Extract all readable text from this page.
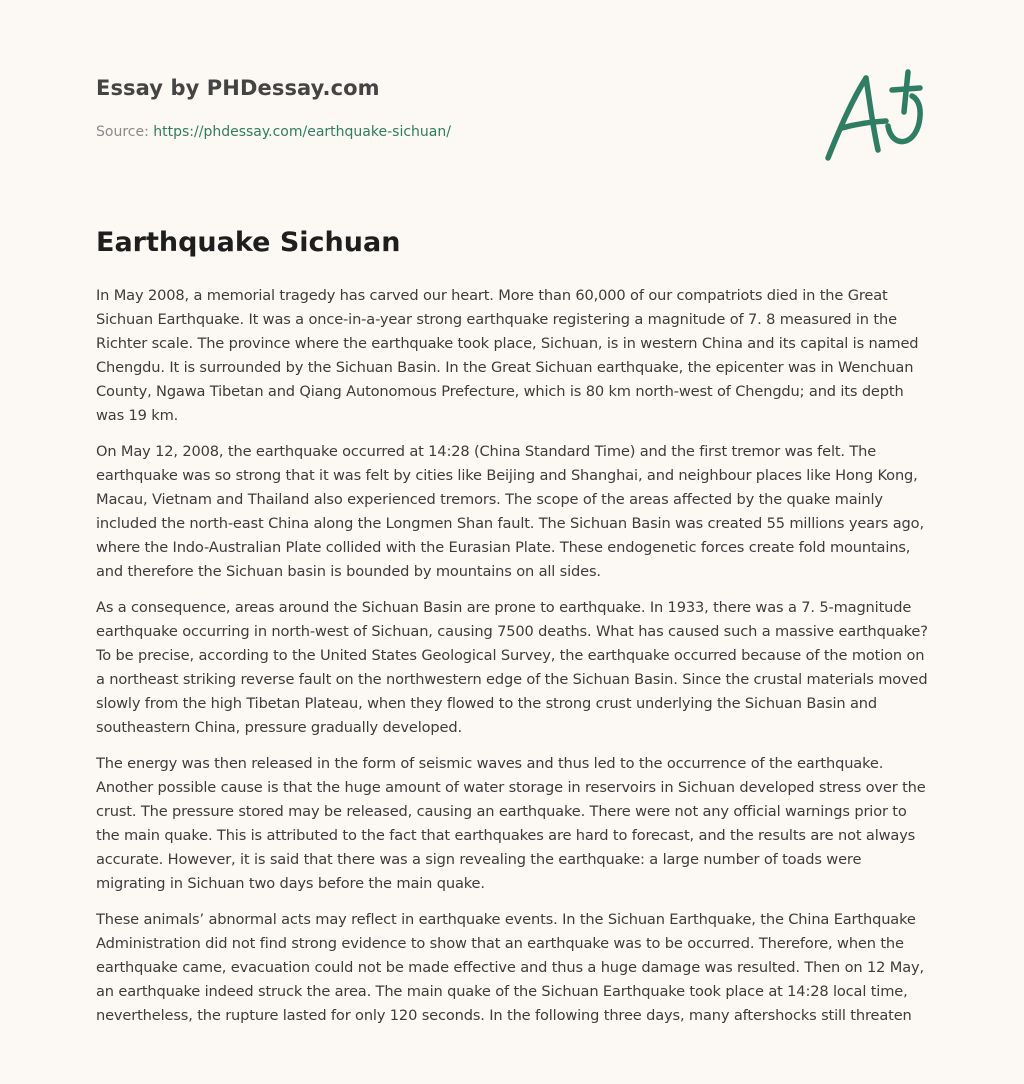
Essay by PHDessay.com

Source: https://phdessay.com/earthquake-sichuan/

Earthquake Sichuan

In May 2008, a memorial tragedy has carved our heart. More than 60,000 of our compatriots died in the Great Sichuan Earthquake. It was a once-in-a-year strong earthquake registering a magnitude of 7. 8 measured in the Richter scale. The province where the earthquake took place, Sichuan, is in western China and its capital is named Chengdu. It is surrounded by the Sichuan Basin. In the Great Sichuan earthquake, the epicenter was in Wenchuan County, Ngawa Tibetan and Qiang Autonomous Prefecture, which is 80 km north-west of Chengdu; and its depth was 19 km.

On May 12, 2008, the earthquake occurred at 14:28 (China Standard Time) and the first tremor was felt. The earthquake was so strong that it was felt by cities like Beijing and Shanghai, and neighbour places like Hong Kong, Macau, Vietnam and Thailand also experienced tremors. The scope of the areas affected by the quake mainly included the north-east China along the Longmen Shan fault. The Sichuan Basin was created 55 millions years ago, where the Indo-Australian Plate collided with the Eurasian Plate. These endogenetic forces create fold mountains, and therefore the Sichuan basin is bounded by mountains on all sides.

As a consequence, areas around the Sichuan Basin are prone to earthquake. In 1933, there was a 7. 5-magnitude earthquake occurring in north-west of Sichuan, causing 7500 deaths. What has caused such a massive earthquake? To be precise, according to the United States Geological Survey, the earthquake occurred because of the motion on a northeast striking reverse fault on the northwestern edge of the Sichuan Basin. Since the crustal materials moved slowly from the high Tibetan Plateau, when they flowed to the strong crust underlying the Sichuan Basin and southeastern China, pressure gradually developed.

The energy was then released in the form of seismic waves and thus led to the occurrence of the earthquake. Another possible cause is that the huge amount of water storage in reservoirs in Sichuan developed stress over the crust. The pressure stored may be released, causing an earthquake. There were not any official warnings prior to the main quake. This is attributed to the fact that earthquakes are hard to forecast, and the results are not always accurate. However, it is said that there was a sign revealing the earthquake: a large number of toads were migrating in Sichuan two days before the main quake.

These animals’ abnormal acts may reflect in earthquake events. In the Sichuan Earthquake, the China Earthquake Administration did not find strong evidence to show that an earthquake was to be occurred. Therefore, when the earthquake came, evacuation could not be made effective and thus a huge damage was resulted. Then on 12 May, an earthquake indeed struck the area. The main quake of the Sichuan Earthquake took place at 14:28 local time, nevertheless, the rupture lasted for only 120 seconds. In the following three days, many aftershocks still threaten
